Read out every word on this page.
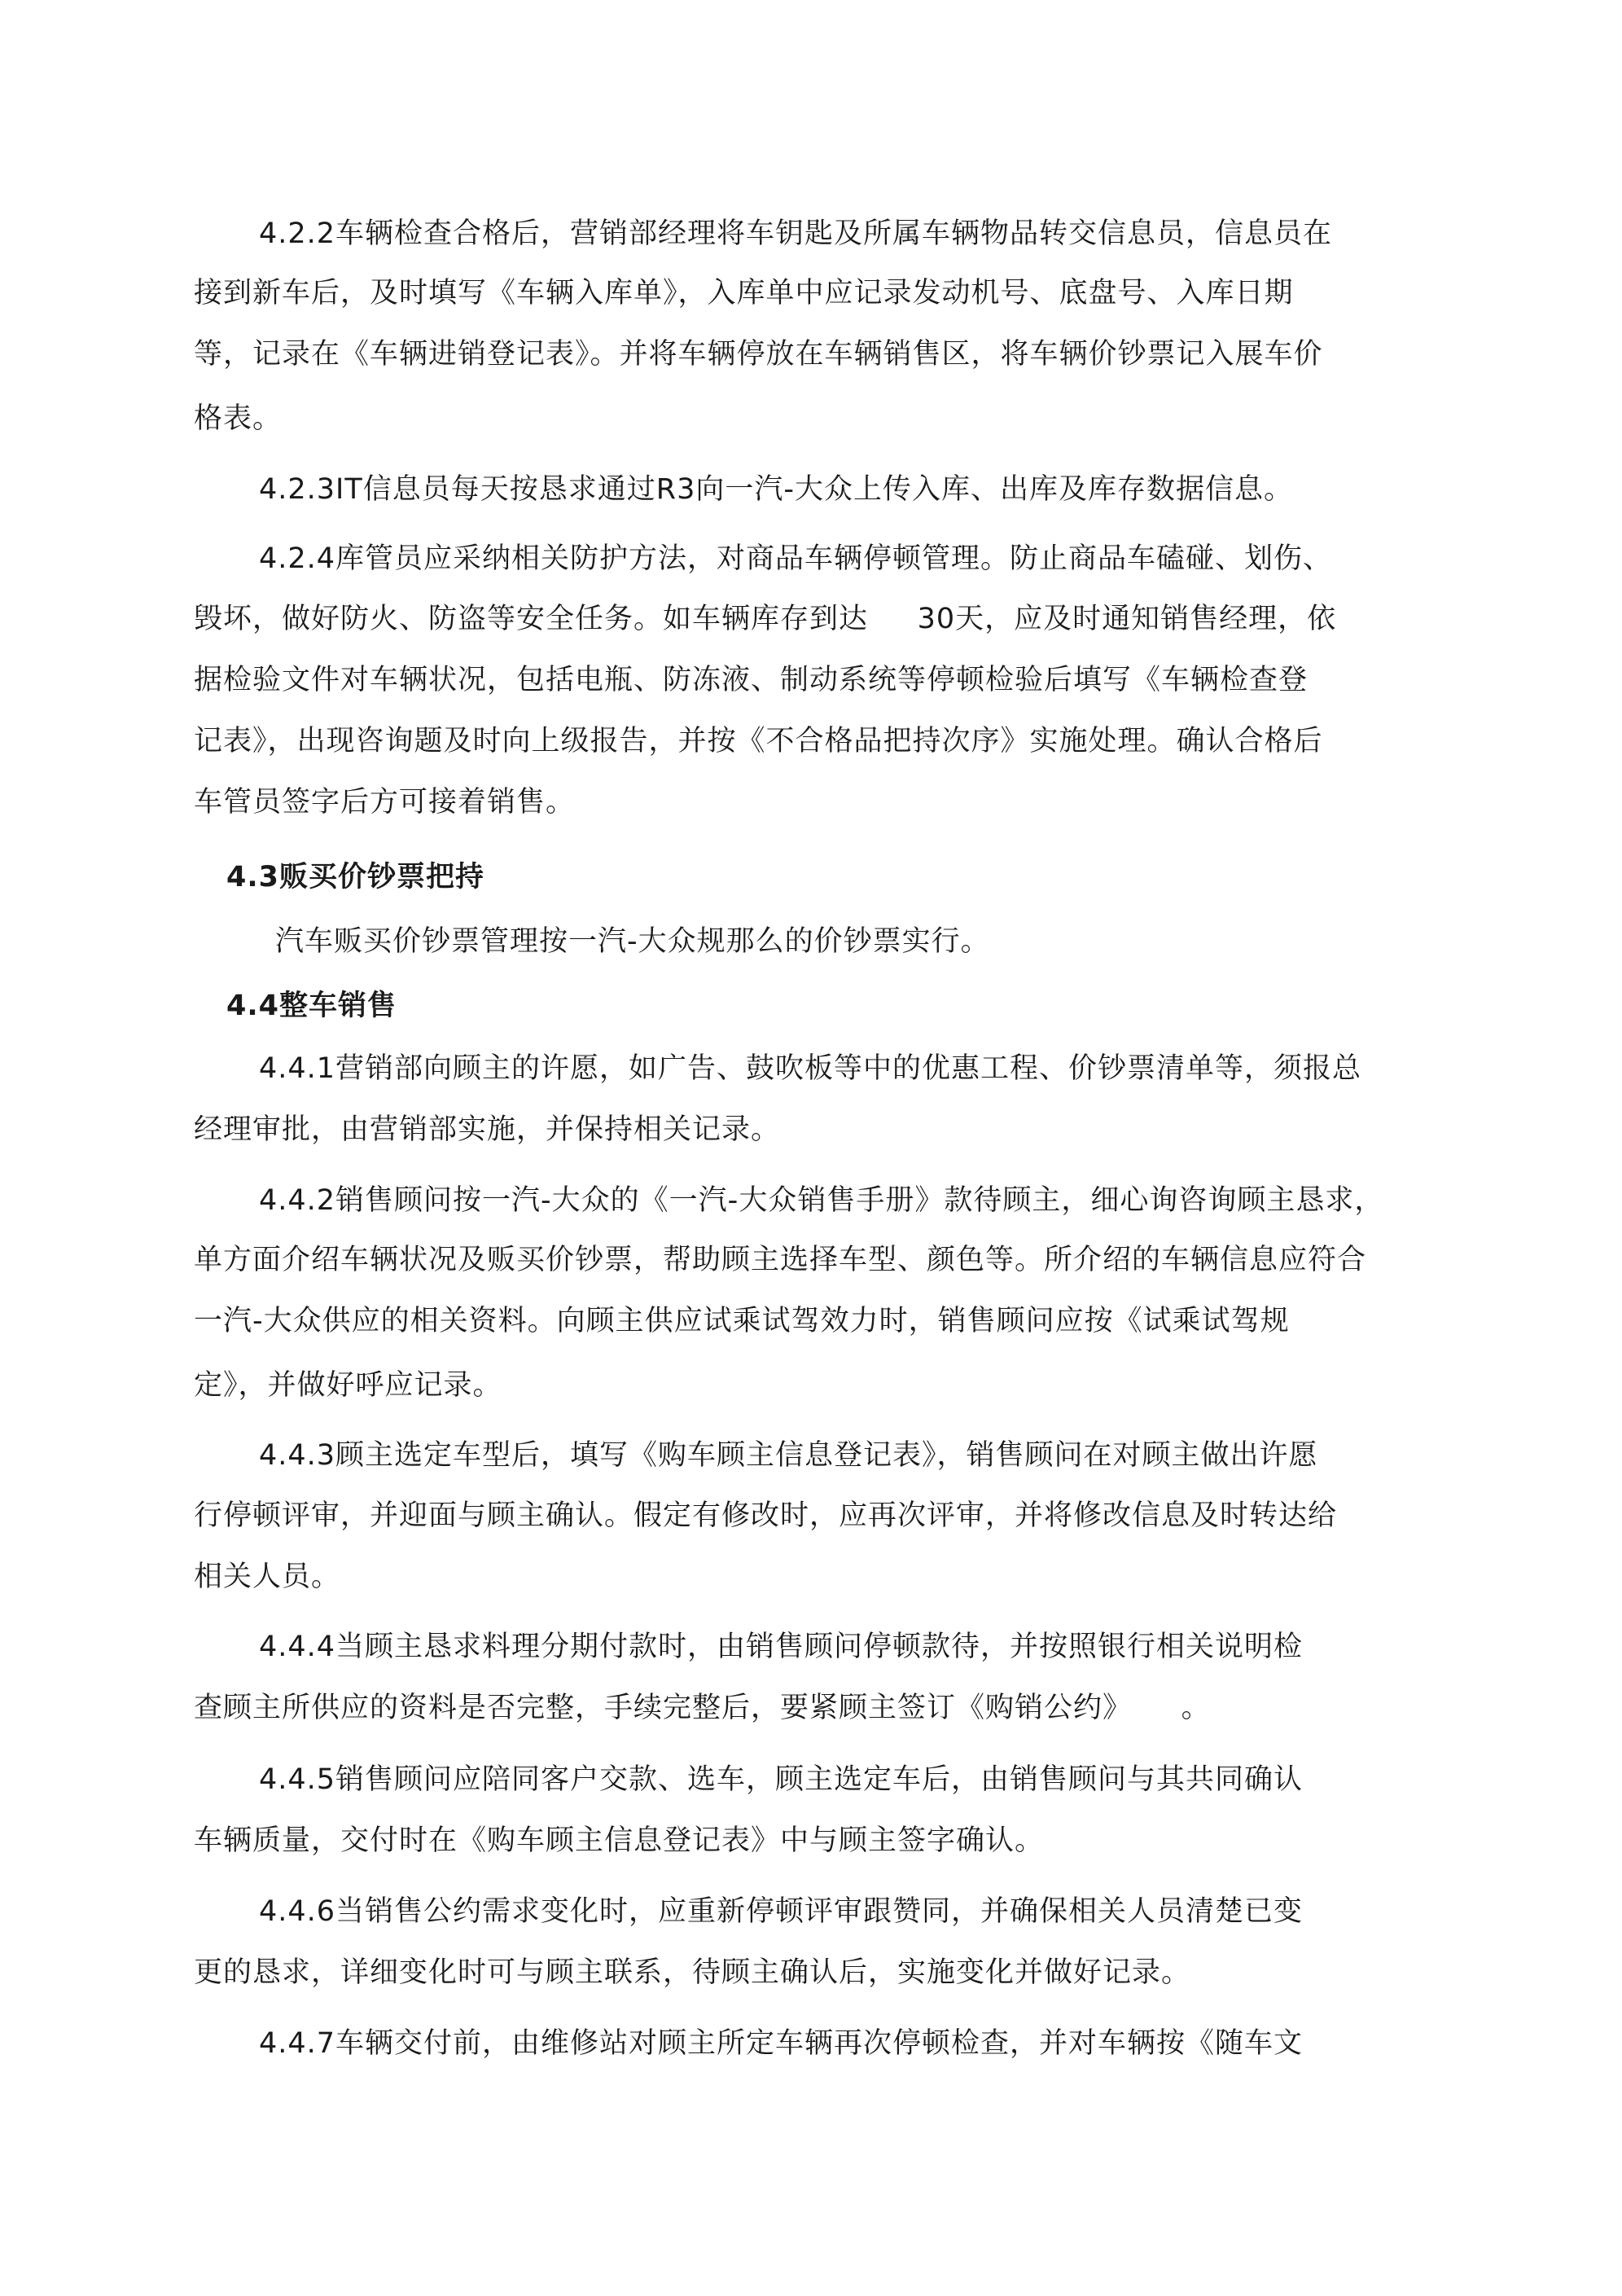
4.2.2车辆检查合格后，营销部经理将车钥匙及所属车辆物品转交信息员，信息员在
接到新车后，及时填写《车辆入库单》，入库单中应记录发动机号、底盘号、入库日期
等，记录在《车辆进销登记表》。并将车辆停放在车辆销售区，将车辆价钞票记入展车价
格表。
4.2.3IT信息员每天按恳求通过R3向一汽-大众上传入库、出库及库存数据信息。
4.2.4库管员应采纳相关防护方法，对商品车辆停顿管理。防止商品车磕碰、划伤、
毁坏，做好防火、防盗等安全任务。如车辆库存到达     30天，应及时通知销售经理，依
据检验文件对车辆状况，包括电瓶、防冻液、制动系统等停顿检验后填写《车辆检查登
记表》，出现咨询题及时向上级报告，并按《不合格品把持次序》实施处理。确认合格后
车管员签字后方可接着销售。
4.3贩买价钞票把持
汽车贩买价钞票管理按一汽-大众规那么的价钞票实行。
4.4整车销售
4.4.1营销部向顾主的许愿，如广告、鼓吹板等中的优惠工程、价钞票清单等，须报总
经理审批，由营销部实施，并保持相关记录。
4.4.2销售顾问按一汽-大众的《一汽-大众销售手册》款待顾主，细心询咨询顾主恳求，
单方面介绍车辆状况及贩买价钞票，帮助顾主选择车型、颜色等。所介绍的车辆信息应符合
一汽-大众供应的相关资料。向顾主供应试乘试驾效力时，销售顾问应按《试乘试驾规
定》，并做好呼应记录。
4.4.3顾主选定车型后，填写《购车顾主信息登记表》，销售顾问在对顾主做出许愿
行停顿评审，并迎面与顾主确认。假定有修改时，应再次评审，并将修改信息及时转达给
相关人员。
4.4.4当顾主恳求料理分期付款时，由销售顾问停顿款待，并按照银行相关说明检
查顾主所供应的资料是否完整，手续完整后，要紧顾主签订《购销公约》     。
4.4.5销售顾问应陪同客户交款、选车，顾主选定车后，由销售顾问与其共同确认
车辆质量，交付时在《购车顾主信息登记表》中与顾主签字确认。
4.4.6当销售公约需求变化时，应重新停顿评审跟赞同，并确保相关人员清楚已变
更的恳求，详细变化时可与顾主联系，待顾主确认后，实施变化并做好记录。
4.4.7车辆交付前，由维修站对顾主所定车辆再次停顿检查，并对车辆按《随车文
